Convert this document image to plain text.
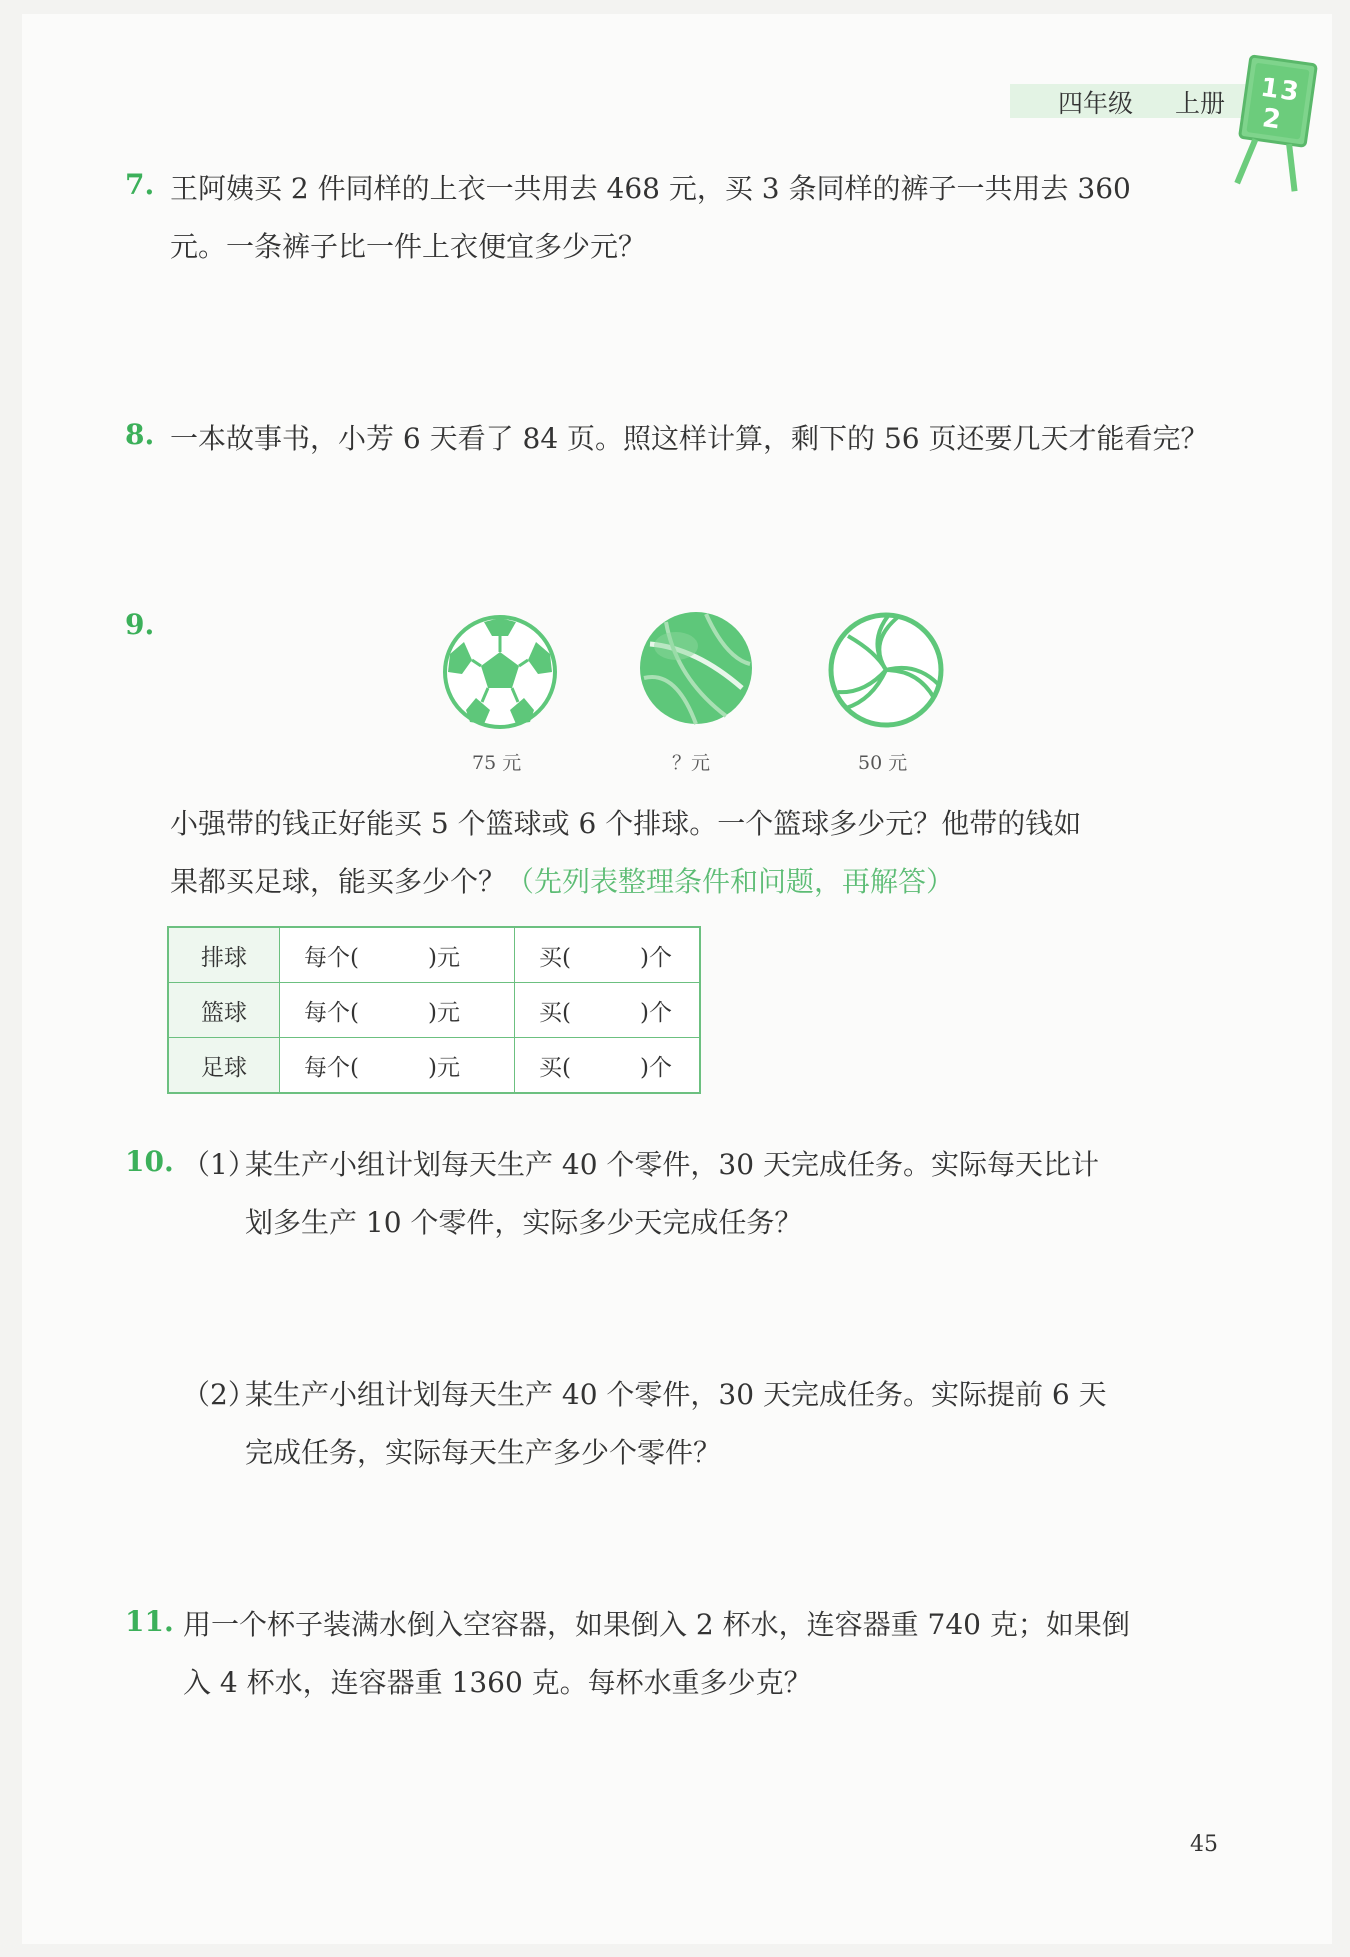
四年级 上册 1
3
2
7. 王阿姨买 2 件同样的上衣一共用去 468 元，买 3 条同样的裤子一共用去 360
元。一条裤子比一件上衣便宜多少元？
8. 一本故事书，小芳 6 天看了 84 页。照这样计算，剩下的 56 页还要几天才能看完？
9.
75 元	？元	50 元
小强带的钱正好能买 5 个篮球或 6 个排球。一个篮球多少元？他带的钱如
果都买足球，能买多少个？（先列表整理条件和问题，再解答）
排球	每个(　　　)元	买(　　　)个
篮球	每个(　　　)元	买(　　　)个
足球	每个(　　　)元	买(　　　)个
10. （1）
某生产小组计划每天生产 40 个零件，30 天完成任务。实际每天比计
划多生产 10 个零件，实际多少天完成任务？
（2）
某生产小组计划每天生产 40 个零件，30 天完成任务。实际提前 6 天
完成任务，实际每天生产多少个零件？
11. 用一个杯子装满水倒入空容器，如果倒入 2 杯水，连容器重 740 克；如果倒
入 4 杯水，连容器重 1360 克。每杯水重多少克？
45
